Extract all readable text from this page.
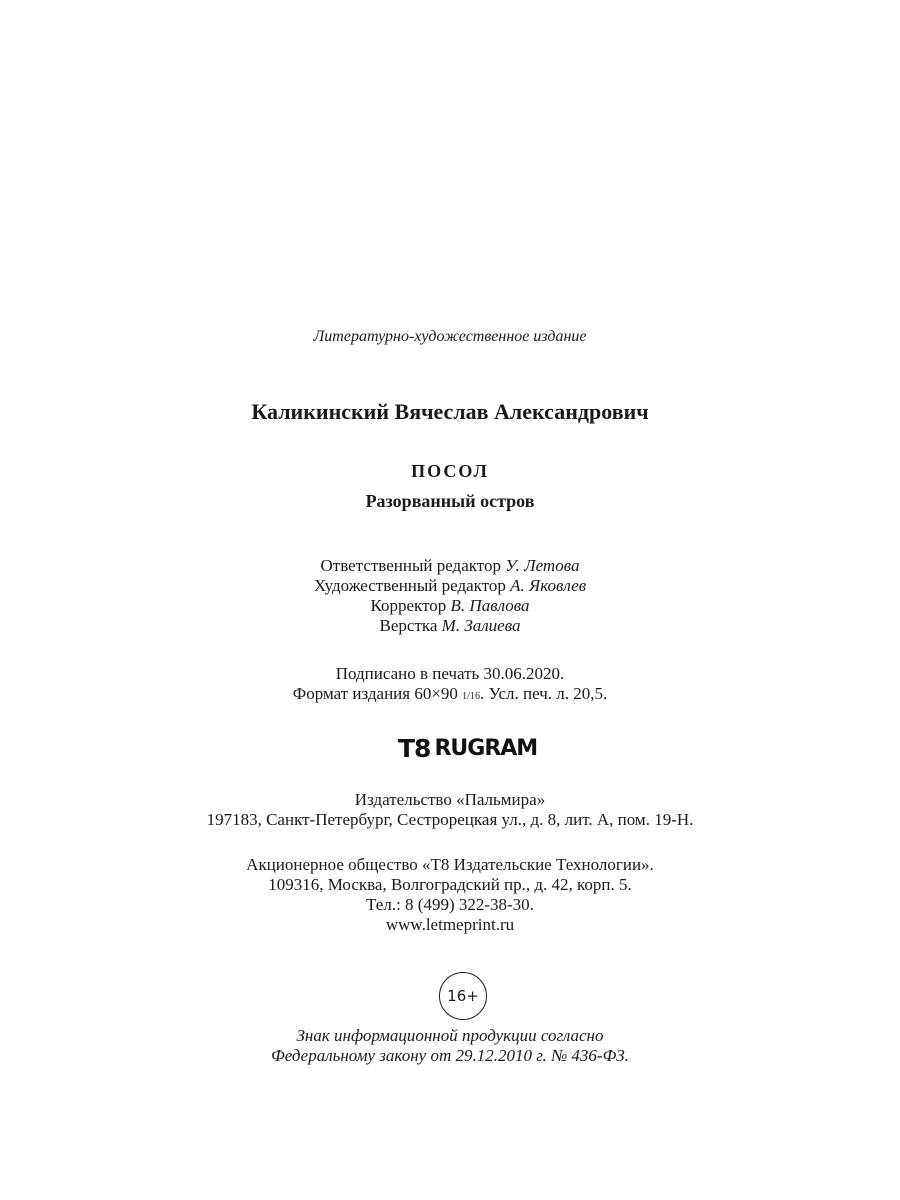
Литературно-художественное издание
Каликинский Вячеслав Александрович
ПОСОЛ
Разорванный остров
Ответственный редактор У. Летова
Художественный редактор А. Яковлев
Корректор В. Павлова
Верстка М. Залиева
Подписано в печать 30.06.2020.
Формат издания 60×90 1/16. Усл. печ. л. 20,5.
T8 RUGRAM
Издательство «Пальмира»
197183, Санкт-Петербург, Сестрорецкая ул., д. 8, лит. А, пом. 19-Н.
Акционерное общество «T8 Издательские Технологии».
109316, Москва, Волгоградский пр., д. 42, корп. 5.
Тел.: 8 (499) 322-38-30.
www.letmeprint.ru
16+
Знак информационной продукции согласно
Федеральному закону от 29.12.2010 г. № 436-ФЗ.
